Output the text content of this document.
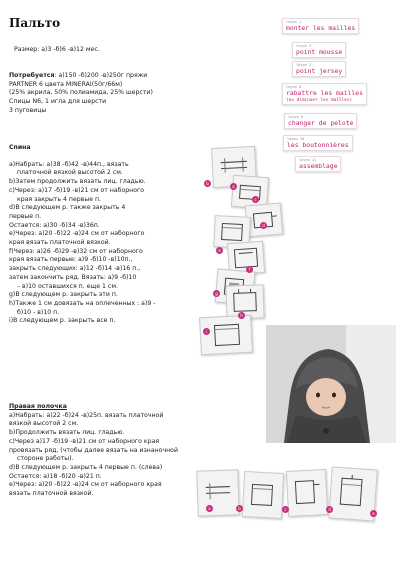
Пальто
Размер: а)3 -б)6 -в)12 мес.
Потребуется: а)150 -б)200 -в)250г пряжи
PARTNER 6 цвета MINERAI(50г/66м)
(25% акрила, 50% полиамида, 25% шерсти)
Спицы N6, 1 игла для шерсти
3 пуговицы
Спина
а)Набрать: а)38 -б)42 -в)44п., вязать
платочной вязкой высотой 2 см.
b)Затем продолжить вязать лиц. гладью.
с)Через: а)17 -б)19 -в)21 см от наборного
края закрыть 4 первые п.
d)В следующем р. также закрыть 4
первые п.
Остается: а)30 -б)34 -в)36п.
е)Через: а)20 -б)22 -в)24 см от наборного
края вязать платочной вязкой.
f)Через: а)26 -б)29 -в)32 см от наборного
края вязать первые: а)9 -б)10 -в)10п.,
закрыть следующих: а)12 -б)14 -в)16 п.,
затем закончить ряд. Вязать: а)9 -б)10
– в)10 оставшихся п. еще 1 см.
g)В следующем р. закрыть эти п.
h)Также 1 см довязать на оплеченных : а)9 -
б)10 - в)10 п.
i)В следующем р. закрыть все п.
Правая полочка
а)Набрать: а)22 -б)24 -в)25п. вязать платочной
вязкой высотой 2 см.
b)Продолжить вязать лиц. гладью.
с)Через а)17 -б)19 -в)21 см от наборного края
провязать ряд, (чтобы далее вязать на изнаночной
стороне работы).
d)В следующем р. закрыть 4 первые п. (слева)
Остается: а)18 -б)20 -в)21 п.
е)Через: а)20 -б)22 -в)24 см от наборного края
вязать платочной вязкой.
leçon 1
monter les mailles
leçon 3
point mousse
leçon 2
point jersey
leçon 6
rabattre les mailles
(ou diminuer les mailles)
leçon 8
changer de pelote
leçon 16
les boutonnières
leçon 11
assemblage
a
b
c
d
e
f
g
h
i
a	b	c	d
e
